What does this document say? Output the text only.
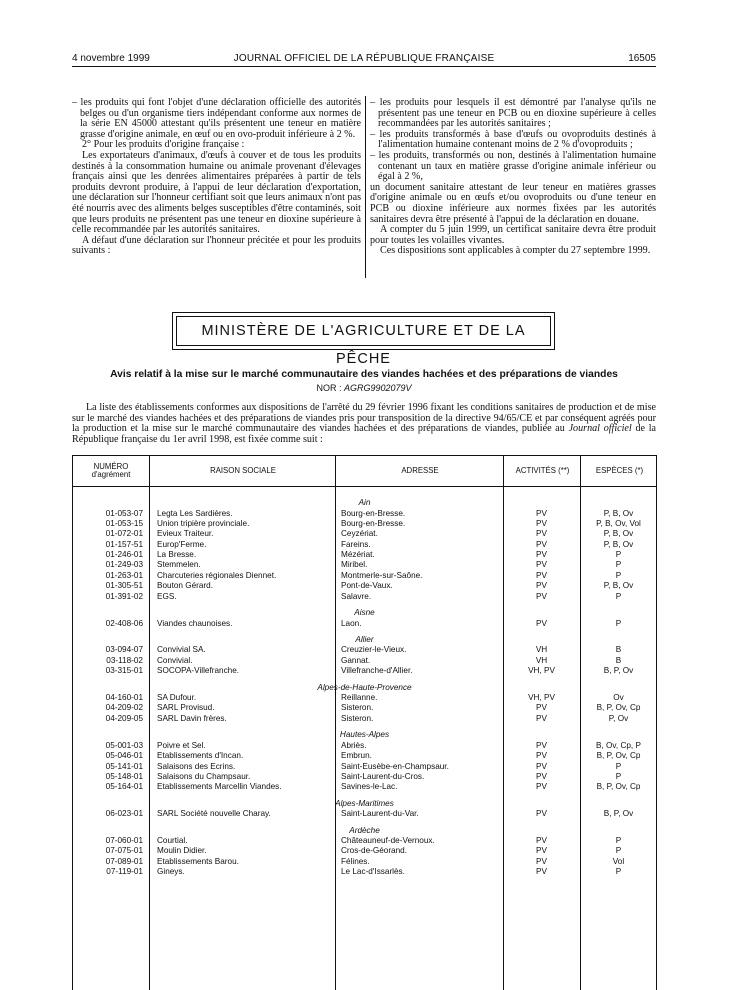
4 novembre 1999	JOURNAL OFFICIEL DE LA RÉPUBLIQUE FRANÇAISE	16505

– les produits qui font l'objet d'une déclaration officielle des autorités belges ou d'un organisme tiers indépendant conforme aux normes de la série EN 45000 attestant qu'ils présentent une teneur en matière grasse d'origine animale, en œuf ou en ovo-produit inférieure à 2 %.

2° Pour les produits d'origine française :

Les exportateurs d'animaux, d'œufs à couver et de tous les produits destinés à la consommation humaine ou animale provenant d'élevages français ainsi que les denrées alimentaires préparées à partir de tels produits devront produire, à l'appui de leur déclaration d'exportation, une déclaration sur l'honneur certifiant soit que leurs animaux n'ont pas été nourris avec des aliments belges susceptibles d'être contaminés, soit que leurs produits ne présentent pas une teneur en dioxine supérieure à celle recommandée par les autorités sanitaires.

A défaut d'une déclaration sur l'honneur précitée et pour les produits suivants :

– les produits pour lesquels il est démontré par l'analyse qu'ils ne présentent pas une teneur en PCB ou en dioxine supérieure à celles recommandées par les autorités sanitaires ;

– les produits transformés à base d'œufs ou ovoproduits destinés à l'alimentation humaine contenant moins de 2 % d'ovoproduits ;

– les produits, transformés ou non, destinés à l'alimentation humaine contenant un taux en matière grasse d'origine animale inférieur ou égal à 2 %,

un document sanitaire attestant de leur teneur en matières grasses d'origine animale ou en œufs et/ou ovoproduits ou d'une teneur en PCB ou dioxine inférieure aux normes fixées par les autorités sanitaires devra être présenté à l'appui de la déclaration en douane.

A compter du 5 juin 1999, un certificat sanitaire devra être produit pour toutes les volailles vivantes.

Ces dispositions sont applicables à compter du 27 septembre 1999.

MINISTÈRE DE L'AGRICULTURE ET DE LA PÊCHE
Avis relatif à la mise sur le marché communautaire des viandes hachées et des préparations de viandes
NOR : AGRG9902079V
La liste des établissements conformes aux dispositions de l'arrêté du 29 février 1996 fixant les conditions sanitaires de production et de mise sur le marché des viandes hachées et des préparations de viandes pris pour transposition de la directive 94/65/CE et par conséquent agréés pour la production et la mise sur le marché communautaire des viandes hachées et des préparations de viandes, publiée au Journal officiel de la République française du 1er avril 1998, est fixée comme suit :
NUMÉRO
d'agrément	RAISON SOCIALE	ADRESSE	ACTIVITÉS (**)	ESPÈCES (*)
Ain
01-053-07 Legta Les Sardières.	Bourg-en-Bresse.	PV	P, B, Ov
01-053-15 Union tripière provinciale.	Bourg-en-Bresse.	PV	P, B, Ov, Vol
01-072-01 Evieux Traiteur.	Ceyzériat.	PV	P, B, Ov
01-157-51 Europ'Ferme.	Fareins.	PV	P, B, Ov
01-246-01 La Bresse.	Mézériat.	PV	P
01-249-03 Stemmelen.	Miribel.	PV	P
01-263-01 Charcuteries régionales Diennet.	Montmerle-sur-Saône.	PV	P
01-305-51 Bouton Gérard.	Pont-de-Vaux.	PV	P, B, Ov
01-391-02 EGS.	Salavre.	PV	P
Aisne
02-408-06 Viandes chaunoises.	Laon.	PV	P
Allier
03-094-07 Convivial SA.	Creuzier-le-Vieux.	VH	B
03-118-02 Convivial.	Gannat.	VH	B
03-315-01 SOCOPA-Villefranche.	Villefranche-d'Allier.	VH, PV	B, P, Ov
Alpes-de-Haute-Provence
04-160-01 SA Dufour.	Reillanne.	VH, PV	Ov
04-209-02 SARL Provisud.	Sisteron.	PV	B, P, Ov, Cp
04-209-05 SARL Davin frères.	Sisteron.	PV	P, Ov
Hautes-Alpes
05-001-03 Poivre et Sel.	Abriès.	PV	B, Ov, Cp, P
05-046-01 Etablissements d'Incan.	Embrun.	PV	B, P, Ov, Cp
05-141-01 Salaisons des Ecrins.	Saint-Eusèbe-en-Champsaur.	PV	P
05-148-01 Salaisons du Champsaur.	Saint-Laurent-du-Cros.	PV	P
05-164-01 Etablissements Marcellin Viandes.	Savines-le-Lac.	PV	B, P, Ov, Cp
Alpes-Maritimes
06-023-01 SARL Société nouvelle Charay.	Saint-Laurent-du-Var.	PV	B, P, Ov
Ardèche
07-060-01 Courtial.	Châteauneuf-de-Vernoux.	PV	P
07-075-01 Moulin Didier.	Cros-de-Géorand.	PV	P
07-089-01 Etablissements Barou.	Félines.	PV	Vol
07-119-01 Gineys.	Le Lac-d'Issarlès.	PV	P
